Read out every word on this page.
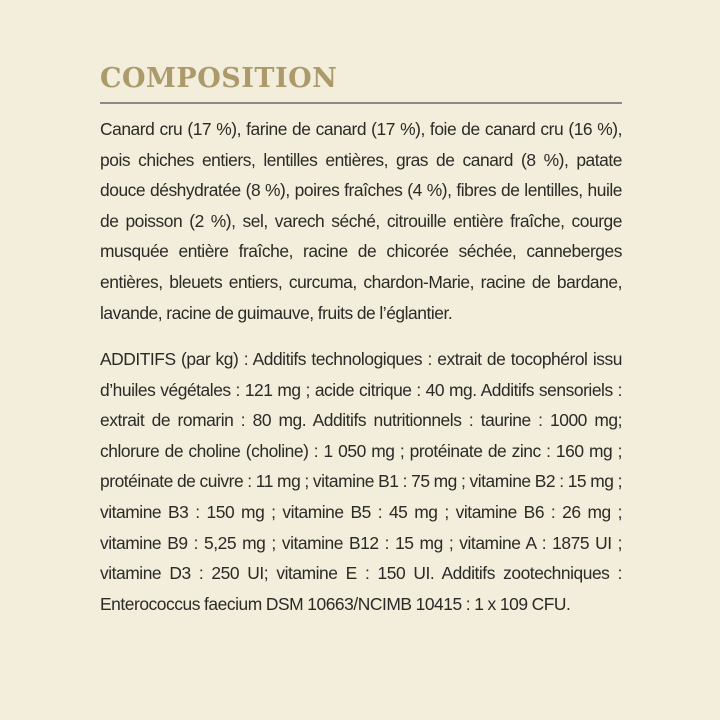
COMPOSITION

Canard cru (17 %), farine de canard (17 %), foie de canard cru (16 %), pois chiches entiers, lentilles entières, gras de canard (8 %), patate douce déshydratée (8 %), poires fraîches (4 %), fibres de lentilles, huile de poisson (2 %), sel, varech séché, citrouille entière fraîche, courge musquée entière fraîche, racine de chicorée séchée, canneberges entières, bleuets entiers, curcuma, chardon-Marie, racine de bardane, lavande, racine de guimauve, fruits de l’églantier.

ADDITIFS (par kg) : Additifs technologiques : extrait de tocophérol issu d’huiles végétales : 121 mg ; acide citrique : 40 mg. Additifs sensoriels : extrait de romarin : 80 mg. Additifs nutritionnels : taurine : 1000 mg; chlorure de choline (choline) : 1 050 mg ; protéinate de zinc : 160 mg ; protéinate de cuivre : 11 mg ; vitamine B1 : 75 mg ; vitamine B2 : 15 mg ; vitamine B3 : 150 mg ; vitamine B5 : 45 mg ; vitamine B6 : 26 mg ; vitamine B9 : 5,25 mg ; vitamine B12 : 15 mg ; vitamine A : 1875 UI ; vitamine D3 : 250 UI; vitamine E : 150 UI. Additifs zootechniques : Enterococcus faecium DSM 10663/NCIMB 10415 : 1 x 109 CFU.
